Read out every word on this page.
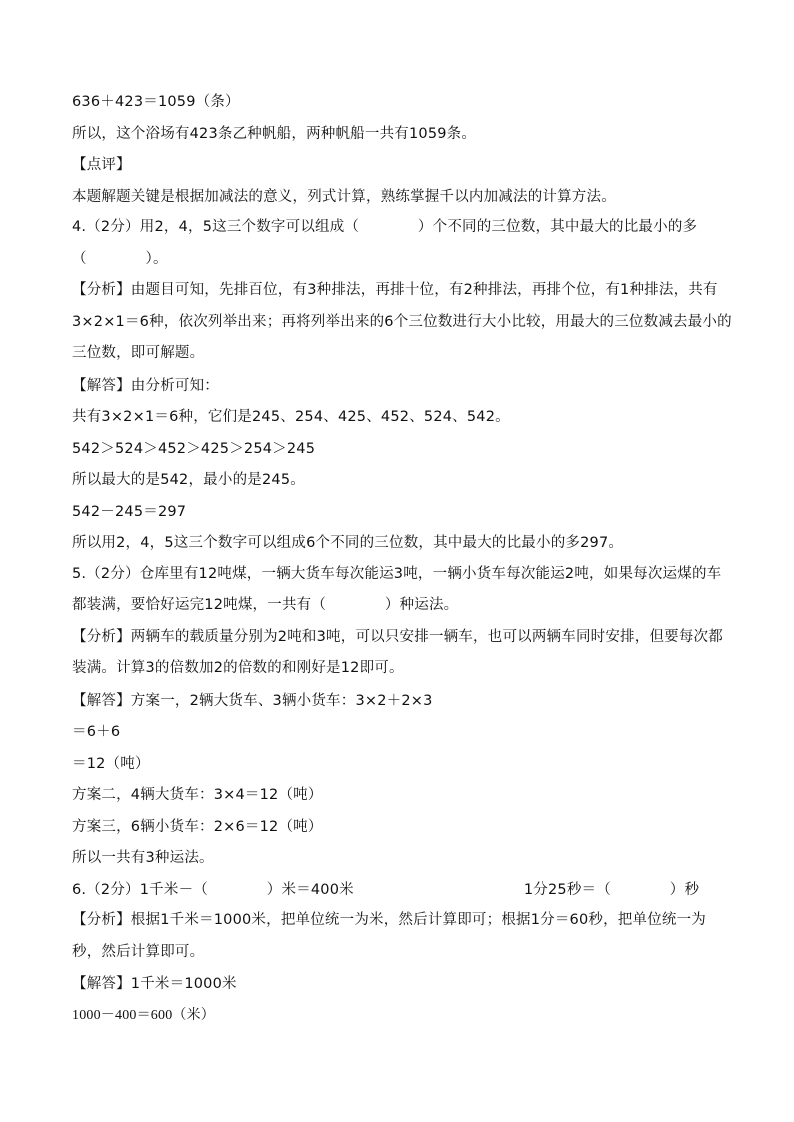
636＋423＝1059（条）
所以，这个浴场有423条乙种帆船，两种帆船一共有1059条。
【点评】
本题解题关键是根据加减法的意义，列式计算，熟练掌握千以内加减法的计算方法。
4.（2分）用2，4，5这三个数字可以组成（　　　　）个不同的三位数，其中最大的比最小的多（　　　　）。
【分析】由题目可知，先排百位，有3种排法，再排十位，有2种排法，再排个位，有1种排法，共有3×2×1＝6种，依次列举出来；再将列举出来的6个三位数进行大小比较，用最大的三位数减去最小的三位数，即可解题。
【解答】由分析可知：
共有3×2×1＝6种，它们是245、254、425、452、524、542。
542＞524＞452＞425＞254＞245
所以最大的是542，最小的是245。
542－245＝297
所以用2，4，5这三个数字可以组成6个不同的三位数，其中最大的比最小的多297。
5.（2分）仓库里有12吨煤，一辆大货车每次能运3吨，一辆小货车每次能运2吨，如果每次运煤的车都装满，要恰好运完12吨煤，一共有（　　　　）种运法。
【分析】两辆车的载质量分别为2吨和3吨，可以只安排一辆车，也可以两辆车同时安排，但要每次都装满。计算3的倍数加2的倍数的和刚好是12即可。
【解答】方案一，2辆大货车、3辆小货车：3×2＋2×3
＝6＋6
＝12（吨）
方案二，4辆大货车：3×4＝12（吨）
方案三，6辆小货车：2×6＝12（吨）
所以一共有3种运法。
6.（2分）1千米－（　　　　）米＝400米	1分25秒＝（　　　　）秒
【分析】根据1千米＝1000米，把单位统一为米，然后计算即可；根据1分＝60秒，把单位统一为秒，然后计算即可。
【解答】1千米＝1000米
1000－400＝600（米）
